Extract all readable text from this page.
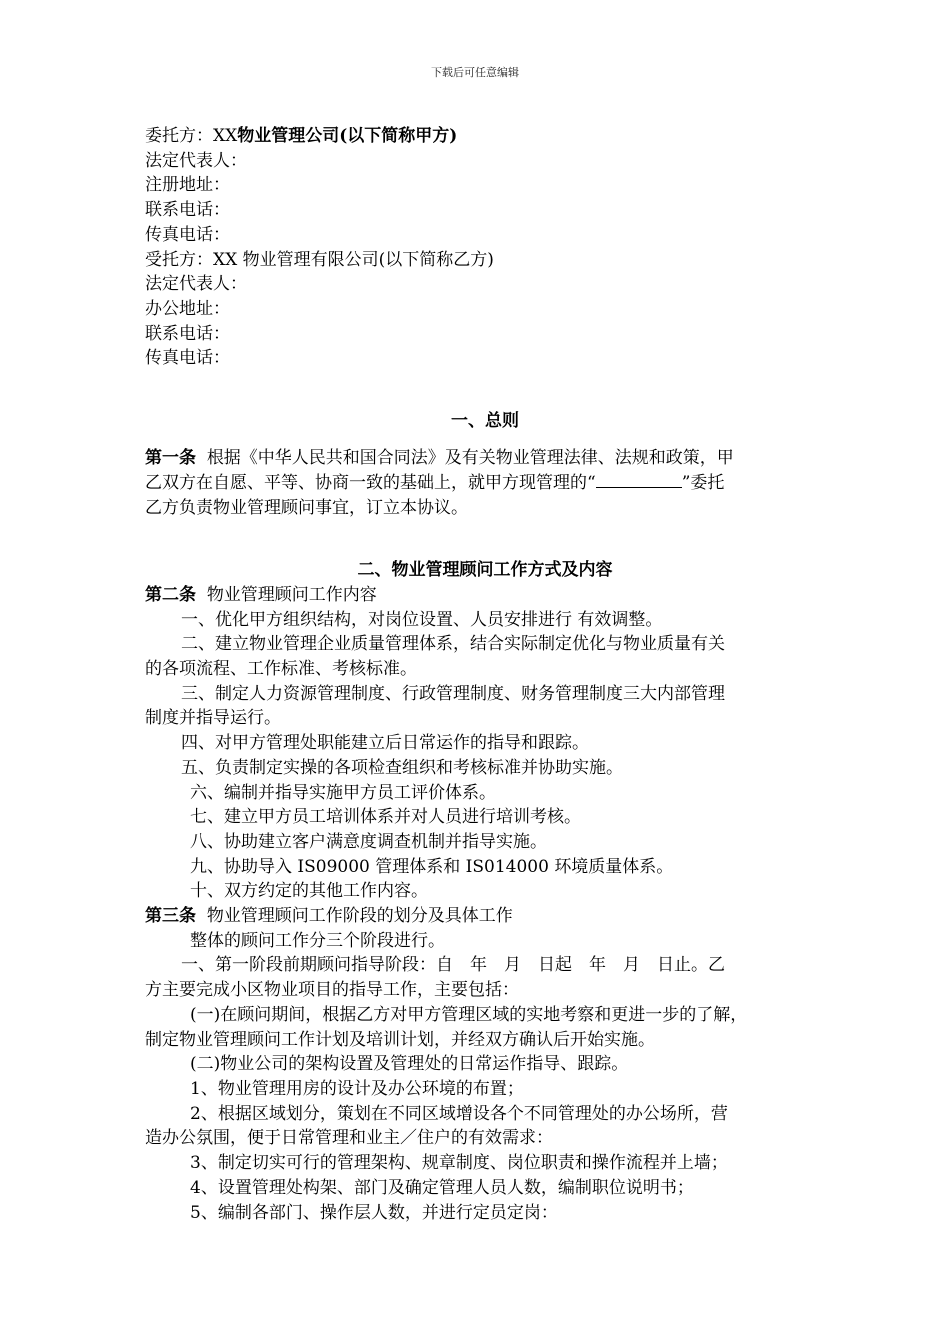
下载后可任意编辑
委托方：XX物业管理公司(以下简称甲方)
法定代表人：
注册地址：
联系电话：
传真电话：
受托方：XX 物业管理有限公司(以下简称乙方)
法定代表人：
办公地址：
联系电话：
传真电话：
一、总则
第一条 根据《中华人民共和国合同法》及有关物业管理法律、法规和政策，甲
乙双方在自愿、平等、协商一致的基础上，就甲方现管理的“	”委托
乙方负责物业管理顾问事宜，订立本协议。
二、物业管理顾问工作方式及内容
第二条 物业管理顾问工作内容
一、优化甲方组织结构，对岗位设置、人员安排进行 有效调整。
二、建立物业管理企业质量管理体系，结合实际制定优化与物业质量有关
的各项流程、工作标准、考核标准。
三、制定人力资源管理制度、行政管理制度、财务管理制度三大内部管理
制度并指导运行。
四、对甲方管理处职能建立后日常运作的指导和跟踪。
五、负责制定实操的各项检查组织和考核标准并协助实施。
六、编制并指导实施甲方员工评价体系。
七、建立甲方员工培训体系并对人员进行培训考核。
八、协助建立客户满意度调查机制并指导实施。
九、协助导入 IS09000 管理体系和 IS014000 环境质量体系。
十、双方约定的其他工作内容。
第三条 物业管理顾问工作阶段的划分及具体工作
整体的顾问工作分三个阶段进行。
一、第一阶段前期顾问指导阶段：自　年　月　日起　年　月　日止。乙
方主要完成小区物业项目的指导工作，主要包括：
(一)在顾问期间，根据乙方对甲方管理区域的实地考察和更进一步的了解，
制定物业管理顾问工作计划及培训计划，并经双方确认后开始实施。
(二)物业公司的架构设置及管理处的日常运作指导、跟踪。
1、物业管理用房的设计及办公环境的布置；
2、根据区域划分，策划在不同区域增设各个不同管理处的办公场所，营
造办公氛围，便于日常管理和业主／住户的有效需求：
3、制定切实可行的管理架构、规章制度、岗位职责和操作流程并上墙；
4、设置管理处构架、部门及确定管理人员人数，编制职位说明书；
5、编制各部门、操作层人数，并进行定员定岗：
